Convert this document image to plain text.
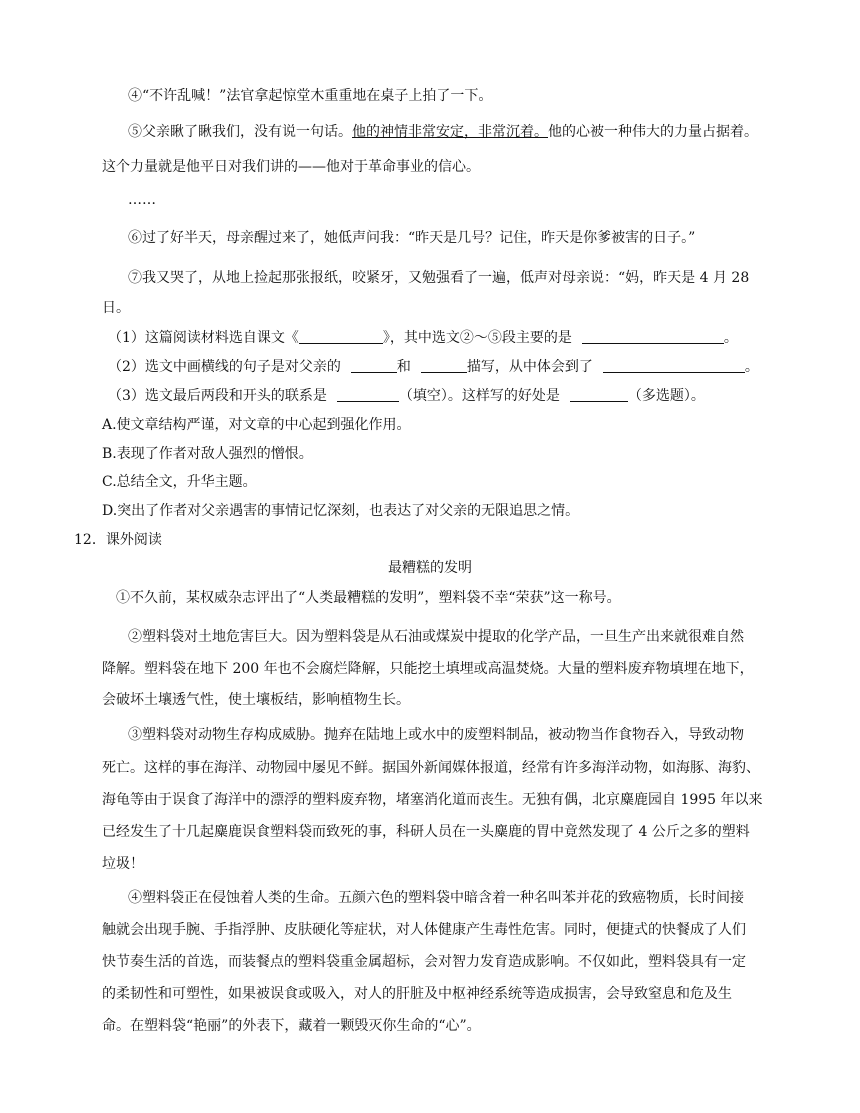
④“不许乱喊！”法官拿起惊堂木重重地在桌子上拍了一下。
⑤父亲瞅了瞅我们，没有说一句话。他的神情非常安定，非常沉着。他的心被一种伟大的力量占据着。
这个力量就是他平日对我们讲的——他对于革命事业的信心。
……
⑥过了好半天，母亲醒过来了，她低声问我：“昨天是几号？记住，昨天是你爹被害的日子。”
⑦我又哭了，从地上捡起那张报纸，咬紧牙，又勉强看了一遍，低声对母亲说：“妈，昨天是 4 月 28
日。
（1）这篇阅读材料选自课文《	》，其中选文②～⑤段主要的是	。
（2）选文中画横线的句子是对父亲的	和	描写，从中体会到了	。
（3）选文最后两段和开头的联系是	（填空）。这样写的好处是	（多选题）。
A.使文章结构严谨，对文章的中心起到强化作用。
B.表现了作者对敌人强烈的憎恨。
C.总结全文，升华主题。
D.突出了作者对父亲遇害的事情记忆深刻，也表达了对父亲的无限追思之情。
12．课外阅读
最糟糕的发明
①不久前，某权威杂志评出了“人类最糟糕的发明”，塑料袋不幸“荣获”这一称号。
②塑料袋对土地危害巨大。因为塑料袋是从石油或煤炭中提取的化学产品，一旦生产出来就很难自然
降解。塑料袋在地下 200 年也不会腐烂降解，只能挖土填埋或高温焚烧。大量的塑料废弃物填埋在地下，
会破坏土壤透气性，使土壤板结，影响植物生长。
③塑料袋对动物生存构成威胁。抛弃在陆地上或水中的废塑料制品，被动物当作食物吞入，导致动物
死亡。这样的事在海洋、动物园中屡见不鲜。据国外新闻媒体报道，经常有许多海洋动物，如海豚、海豹、
海龟等由于误食了海洋中的漂浮的塑料废弃物，堵塞消化道而丧生。无独有偶，北京麋鹿园自 1995 年以来
已经发生了十几起麋鹿误食塑料袋而致死的事，科研人员在一头麋鹿的胃中竟然发现了 4 公斤之多的塑料
垃圾！
④塑料袋正在侵蚀着人类的生命。五颜六色的塑料袋中暗含着一种名叫苯并花的致癌物质，长时间接
触就会出现手腕、手指浮肿、皮肤硬化等症状，对人体健康产生毒性危害。同时，便捷式的快餐成了人们
快节奏生活的首选，而装餐点的塑料袋重金属超标，会对智力发育造成影响。不仅如此，塑料袋具有一定
的柔韧性和可塑性，如果被误食或吸入，对人的肝脏及中枢神经系统等造成损害，会导致窒息和危及生
命。在塑料袋“艳丽”的外表下，藏着一颗毁灭你生命的“心”。
